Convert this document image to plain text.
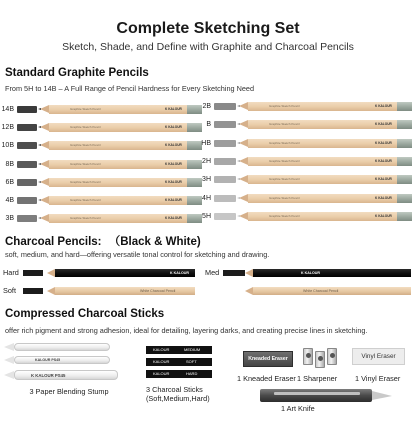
Complete Sketching Set
Sketch, Shade, and Define with Graphite and Charcoal Pencils
Standard Graphite Pencils
From 5H to 14B – A Full Range of Pencil Hardness for Every Sketching Need
14B	Graphite Sketch Pencil	K KALOUR
12B	Graphite Sketch Pencil	K KALOUR
10B	Graphite Sketch Pencil	K KALOUR
8B	Graphite Sketch Pencil	K KALOUR
6B	Graphite Sketch Pencil	K KALOUR
4B	Graphite Sketch Pencil	K KALOUR
3B	Graphite Sketch Pencil	K KALOUR
2B	Graphite Sketch Pencil	K KALOUR
B	Graphite Sketch Pencil	K KALOUR
HB	Graphite Sketch Pencil	K KALOUR
2H	Graphite Sketch Pencil	K KALOUR
3H	Graphite Sketch Pencil	K KALOUR
4H	Graphite Sketch Pencil	K KALOUR
5H	Graphite Sketch Pencil	K KALOUR
Charcoal Pencils: （Black & White)
soft, medium, and hard—offering versatile tonal control for sketching and drawing.
Hard	K KALOUR
Soft	White Charcoal Pencil
Med	K KALOUR
White Charcoal Pencil
Compressed Charcoal Sticks
offer rich pigment and strong adhesion, ideal for detailing, layering darks, and creating precise lines in sketching.
KALOUR PS45
K KALOUR PS45
3 Paper Blending Stump
KALOUR	MEDIUM
KALOUR	SOFT
KALOUR	HARD
3 Charcoal Sticks
(Soft,Medium,Hard)
Kneaded Eraser
1 Kneaded Eraser 1 Sharpener
Vinyl Eraser
1 Vinyl Eraser
1 Art Knife
